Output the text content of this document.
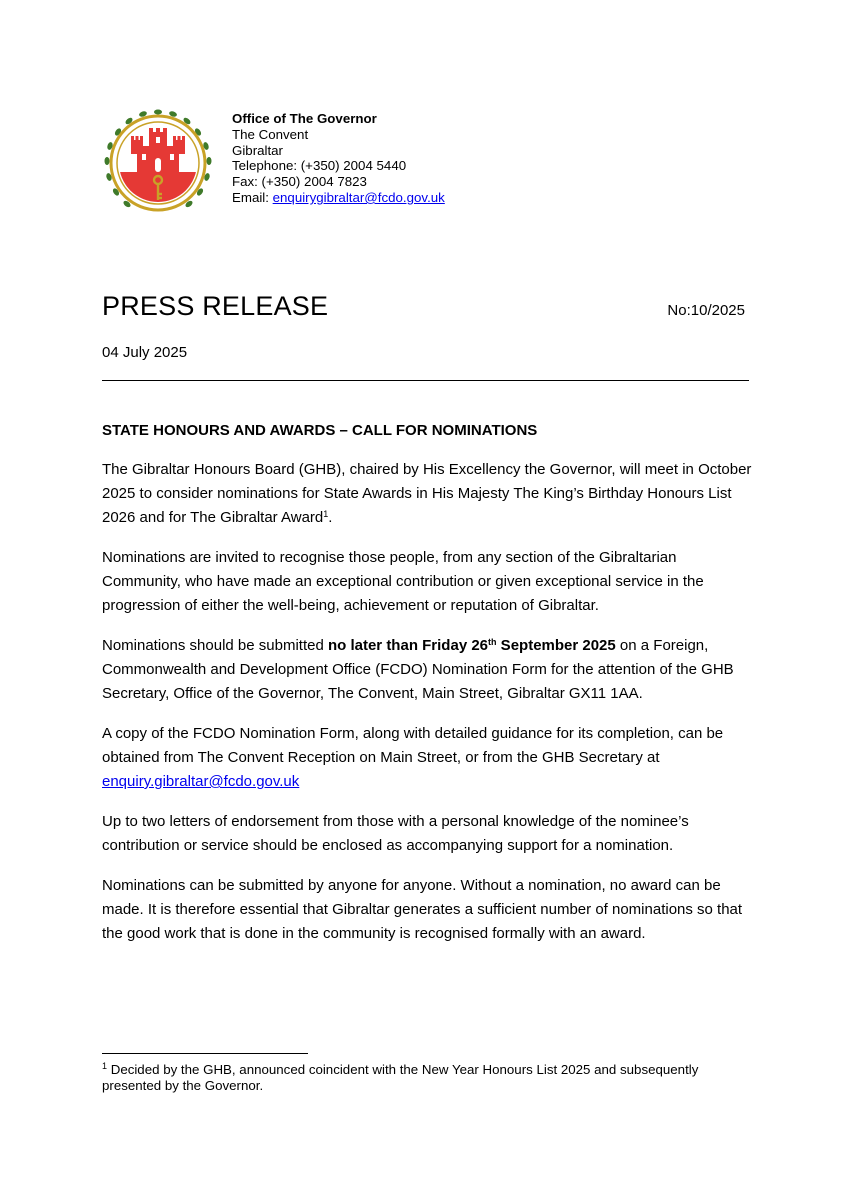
Office of The Governor
The Convent
Gibraltar
Telephone: (+350) 2004 5440
Fax: (+350) 2004 7823
Email: enquirygibraltar@fcdo.gov.uk
PRESS RELEASE	No:10/2025
04 July 2025
STATE HONOURS AND AWARDS – CALL FOR NOMINATIONS

The Gibraltar Honours Board (GHB), chaired by His Excellency the Governor, will meet in October 2025 to consider nominations for State Awards in His Majesty The King’s Birthday Honours List 2026 and for The Gibraltar Award$^1$.

Nominations are invited to recognise those people, from any section of the Gibraltarian Community, who have made an exceptional contribution or given exceptional service in the progression of either the well-being, achievement or reputation of Gibraltar.

Nominations should be submitted no later than Friday 26th September 2025 on a Foreign, Commonwealth and Development Office (FCDO) Nomination Form for the attention of the GHB Secretary, Office of the Governor, The Convent, Main Street, Gibraltar GX11 1AA.

A copy of the FCDO Nomination Form, along with detailed guidance for its completion, can be obtained from The Convent Reception on Main Street, or from the GHB Secretary at enquiry.gibraltar@fcdo.gov.uk

Up to two letters of endorsement from those with a personal knowledge of the nominee’s contribution or service should be enclosed as accompanying support for a nomination.

Nominations can be submitted by anyone for anyone. Without a nomination, no award can be made. It is therefore essential that Gibraltar generates a sufficient number of nominations so that the good work that is done in the community is recognised formally with an award.

$^1$ Decided by the GHB, announced coincident with the New Year Honours List 2025 and subsequently presented by the Governor.
